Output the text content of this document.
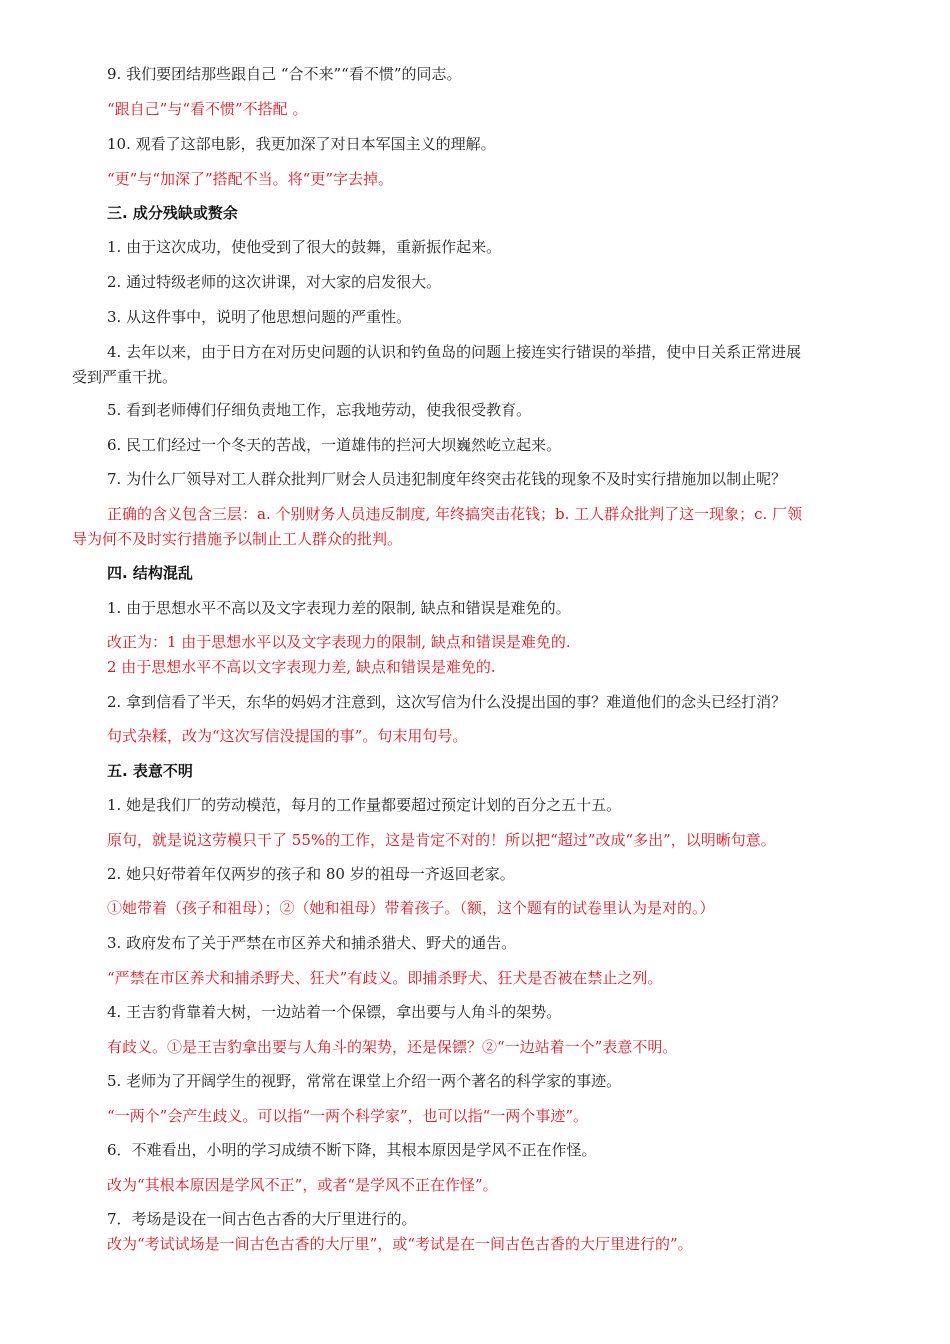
9. 我们要团结那些跟自己 “合不来”“看不惯”的同志。
“跟自己”与“看不惯”不搭配 。
10. 观看了这部电影，我更加深了对日本军国主义的理解。
“更”与“加深了”搭配不当。将“更”字去掉。
三. 成分残缺或赘余
1. 由于这次成功，使他受到了很大的鼓舞，重新振作起来。
2. 通过特级老师的这次讲课，对大家的启发很大。
3. 从这件事中，说明了他思想问题的严重性。
4. 去年以来，由于日方在对历史问题的认识和钓鱼岛的问题上接连实行错误的举措，使中日关系正常进展
受到严重干扰。
5. 看到老师傅们仔细负责地工作，忘我地劳动，使我很受教育。
6. 民工们经过一个冬天的苦战，一道雄伟的拦河大坝巍然屹立起来。
7. 为什么厂领导对工人群众批判厂财会人员违犯制度年终突击花钱的现象不及时实行措施加以制止呢？
正确的含义包含三层：a. 个别财务人员违反制度, 年终搞突击花钱；b. 工人群众批判了这一现象；c. 厂领
导为何不及时实行措施予以制止工人群众的批判。
四. 结构混乱
1. 由于思想水平不高以及文字表现力差的限制, 缺点和错误是难免的。
改正为：1 由于思想水平以及文字表现力的限制, 缺点和错误是难免的.
2 由于思想水平不高以文字表现力差, 缺点和错误是难免的.
2. 拿到信看了半天，东华的妈妈才注意到，这次写信为什么没提出国的事？难道他们的念头已经打消？
句式杂糅，改为“这次写信没提国的事”。句末用句号。
五. 表意不明
1. 她是我们厂的劳动模范，每月的工作量都要超过预定计划的百分之五十五。
原句，就是说这劳模只干了 55%的工作，这是肯定不对的！所以把“超过”改成“多出”，以明晰句意。
2. 她只好带着年仅两岁的孩子和 80 岁的祖母一齐返回老家。
①她带着（孩子和祖母）；②（她和祖母）带着孩子。（额，这个题有的试卷里认为是对的。）
3. 政府发布了关于严禁在市区养犬和捕杀猎犬、野犬的通告。
“严禁在市区养犬和捕杀野犬、狂犬”有歧义。即捕杀野犬、狂犬是否被在禁止之列。
4. 王吉豹背靠着大树，一边站着一个保镖，拿出要与人角斗的架势。
有歧义。①是王吉豹拿出要与人角斗的架势，还是保镖？②“一边站着一个”表意不明。
5. 老师为了开阔学生的视野，常常在课堂上介绍一两个著名的科学家的事迹。
“一两个”会产生歧义。可以指“一两个科学家”，也可以指“一两个事迹”。
6．不难看出，小明的学习成绩不断下降，其根本原因是学风不正在作怪。
改为“其根本原因是学风不正”，或者“是学风不正在作怪”。
7．考场是设在一间古色古香的大厅里进行的。
改为“考试试场是一间古色古香的大厅里”，或“考试是在一间古色古香的大厅里进行的”。
